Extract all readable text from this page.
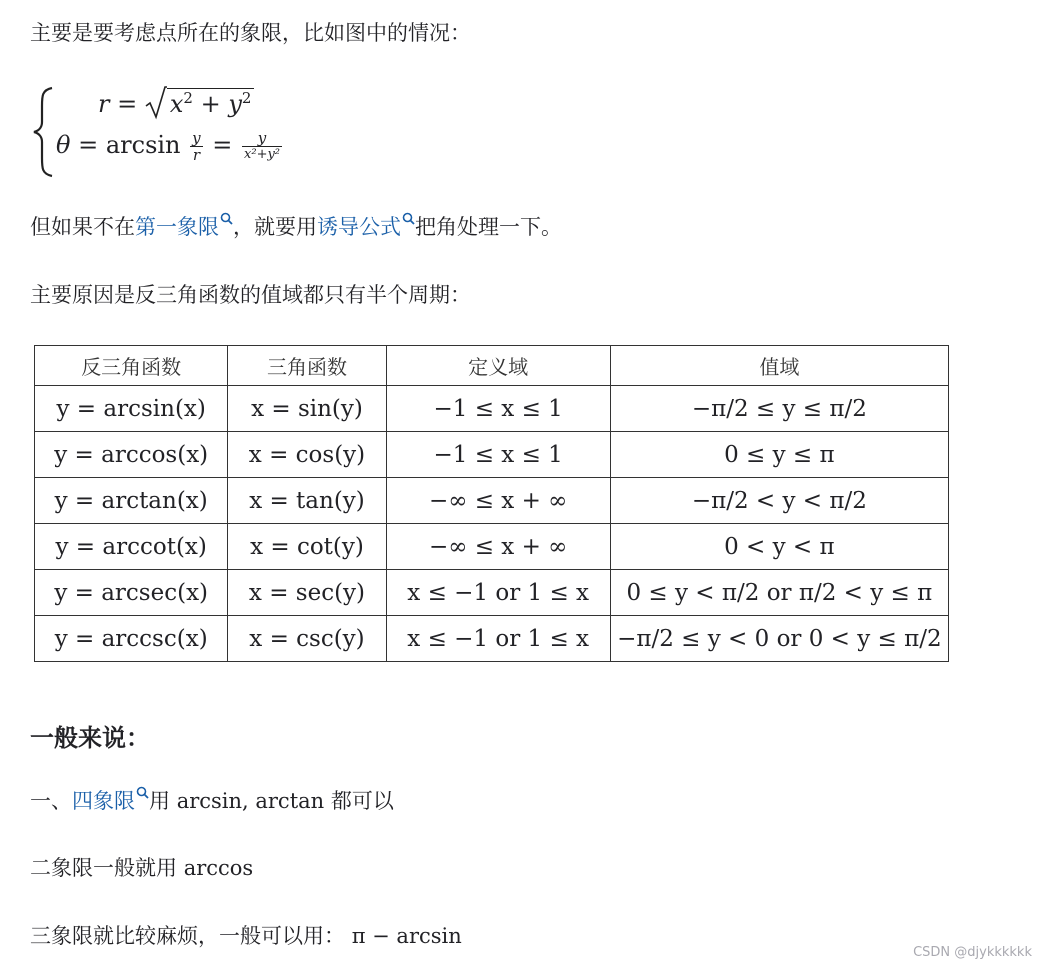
主要是要考虑点所在的象限，比如图中的情况：
$r = x^2 + y^2$
$\theta = \arcsin \frac{y}{r} = \frac{y}{\text{x²+y²}}$
但如果不在第一象限 ，就要用诱导公式 把角处理一下。
主要原因是反三角函数的值域都只有半个周期：
反三角函数	三角函数	定义域	值域
y = arcsin(x)	x = sin(y)	−1 ≤ x ≤ 1	−π/2 ≤ y ≤ π/2
y = arccos(x)	x = cos(y)	−1 ≤ x ≤ 1	0 ≤ y ≤ π
y = arctan(x)	x = tan(y)	−∞ ≤ x + ∞	−π/2 < y < π/2
y = arccot(x)	x = cot(y)	−∞ ≤ x + ∞	0 < y < π
y = arcsec(x)	x = sec(y)	x ≤ −1 or 1 ≤ x	0 ≤ y < π/2 or π/2 < y ≤ π
y = arccsc(x)	x = csc(y)	x ≤ −1 or 1 ≤ x	−π/2 ≤ y < 0 or 0 < y ≤ π/2
一般来说：
一、四象限 用 arcsin, arctan 都可以
二象限一般就用 arccos
三象限就比较麻烦，一般可以用： π − arcsin
CSDN @djykkkkkk
